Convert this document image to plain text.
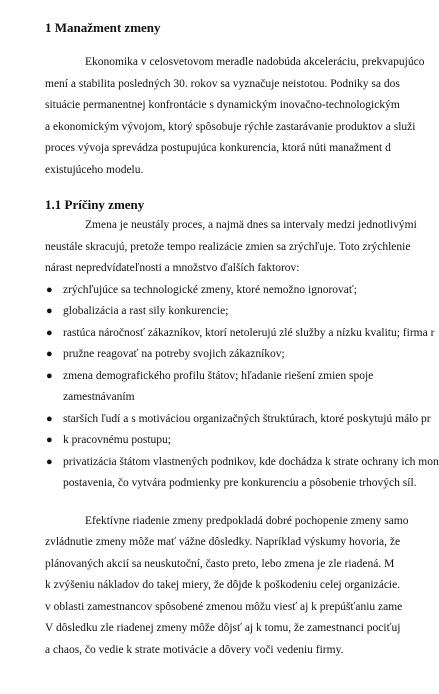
1 Manažment zmeny
Ekonomika v celosvetovom meradle nadobúda akceleráciu, prekvapujúco
mení a stabilita posledných 30. rokov sa vyznačuje neistotou. Podniky sa dos
situácie permanentnej konfrontácie s dynamickým inovačno-technologickým
a ekonomickým vývojom, ktorý spôsobuje rýchle zastarávanie produktov a služi
proces vývoja sprevádza postupujúca konkurencia, ktorá núti manažment d
existujúceho modelu.
1.1 Príčiny zmeny
Zmena je neustály proces, a najmä dnes sa intervaly medzi jednotlivými
neustále skracujú, pretože tempo realizácie zmien sa zrýchľuje. Toto zrýchlenie
nárast nepredvídateľnosti a množstvo ďalších faktorov:
● zrýchľujúce sa technologické zmeny, ktoré nemožno ignorovať;
● globalizácia a rast sily konkurencie;
● rastúca náročnosť zákazníkov, ktorí netolerujú zlé služby a nízku kvalitu; firma r
● pružne reagovať na potreby svojich zákazníkov;
● zmena demografického profilu štátov; hľadanie riešení zmien spoje
zamestnávaním
● starších ľudí a s motiváciou organizačných štruktúrach, ktoré poskytujú málo pr
● k pracovnému postupu;
● privatizácia štátom vlastnených podnikov, kde dochádza k strate ochrany ich mon
postavenia, čo vytvára podmienky pre konkurenciu a pôsobenie trhových síl.
Efektívne riadenie zmeny predpokladá dobré pochopenie zmeny samo
zvládnutie zmeny môže mať vážne dôsledky. Napríklad výskumy hovoria, že
plánovaných akcií sa neuskutoční, často preto, lebo zmena je zle riadená. M
k zvýšeniu nákladov do takej miery, že dôjde k poškodeniu celej organizácie.
v oblasti zamestnancov spôsobené zmenou môžu viesť aj k prepúšťaniu zame
V dôsledku zle riadenej zmeny môže dôjsť aj k tomu, že zamestnanci pociťuj
a chaos, čo vedie k strate motivácie a dôvery voči vedeniu firmy.
